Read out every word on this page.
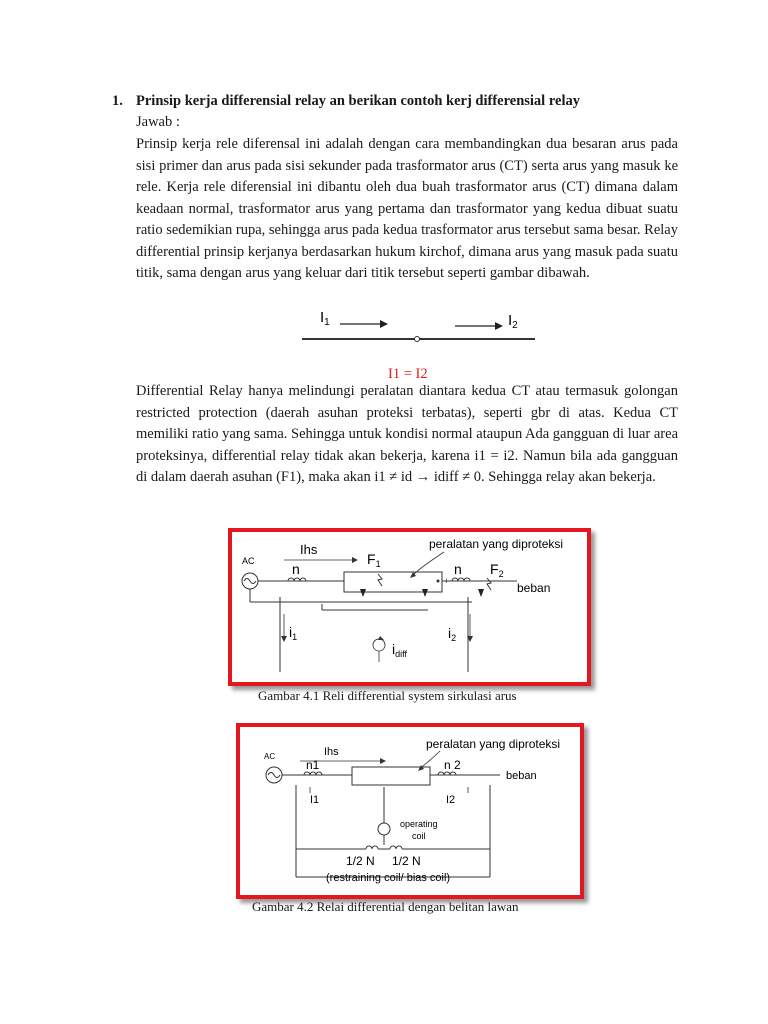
1. Prinsip kerja differensial relay an berikan contoh kerj differensial relay
Jawab :
Prinsip kerja rele diferensal ini adalah dengan cara membandingkan dua besaran arus pada sisi primer dan arus pada sisi sekunder pada trasformator arus (CT) serta arus yang masuk ke rele. Kerja rele diferensial ini dibantu oleh dua buah trasformator arus (CT) dimana dalam keadaan normal, trasformator arus yang pertama dan trasformator yang kedua dibuat suatu ratio sedemikian rupa, sehingga arus pada kedua trasformator arus tersebut sama besar. Relay differential prinsip kerjanya berdasarkan hukum kirchof, dimana arus yang masuk pada suatu titik, sama dengan arus yang keluar dari titik tersebut seperti gambar dibawah.
$I_1$	$I_2$
I1 = I2
Differential Relay hanya melindungi peralatan diantara kedua CT atau termasuk golongan restricted protection (daerah asuhan proteksi terbatas), seperti gbr di atas. Kedua CT memiliki ratio yang sama. Sehingga untuk kondisi normal ataupun Ada gangguan di luar area proteksinya, differential relay tidak akan bekerja, karena i1 = i2. Namun bila ada gangguan di dalam daerah asuhan (F1), maka akan i1 ≠ id → idiff ≠ 0. Sehingga relay akan bekerja.
AC
Ihs
n
$F_1$
peralatan yang diproteksi
+
n $F_2$
beban
$i_1$
$i_{diff}$
$i_2$
Gambar 4.1 Reli differential system sirkulasi arus
AC	Ihs
n1
peralatan yang diproteksi
n 2
beban
I1	I2
operating
coil
1/2 N 1/2 N
(restraining coil/ bias coil)
Gambar 4.2 Relai differential dengan belitan lawan
